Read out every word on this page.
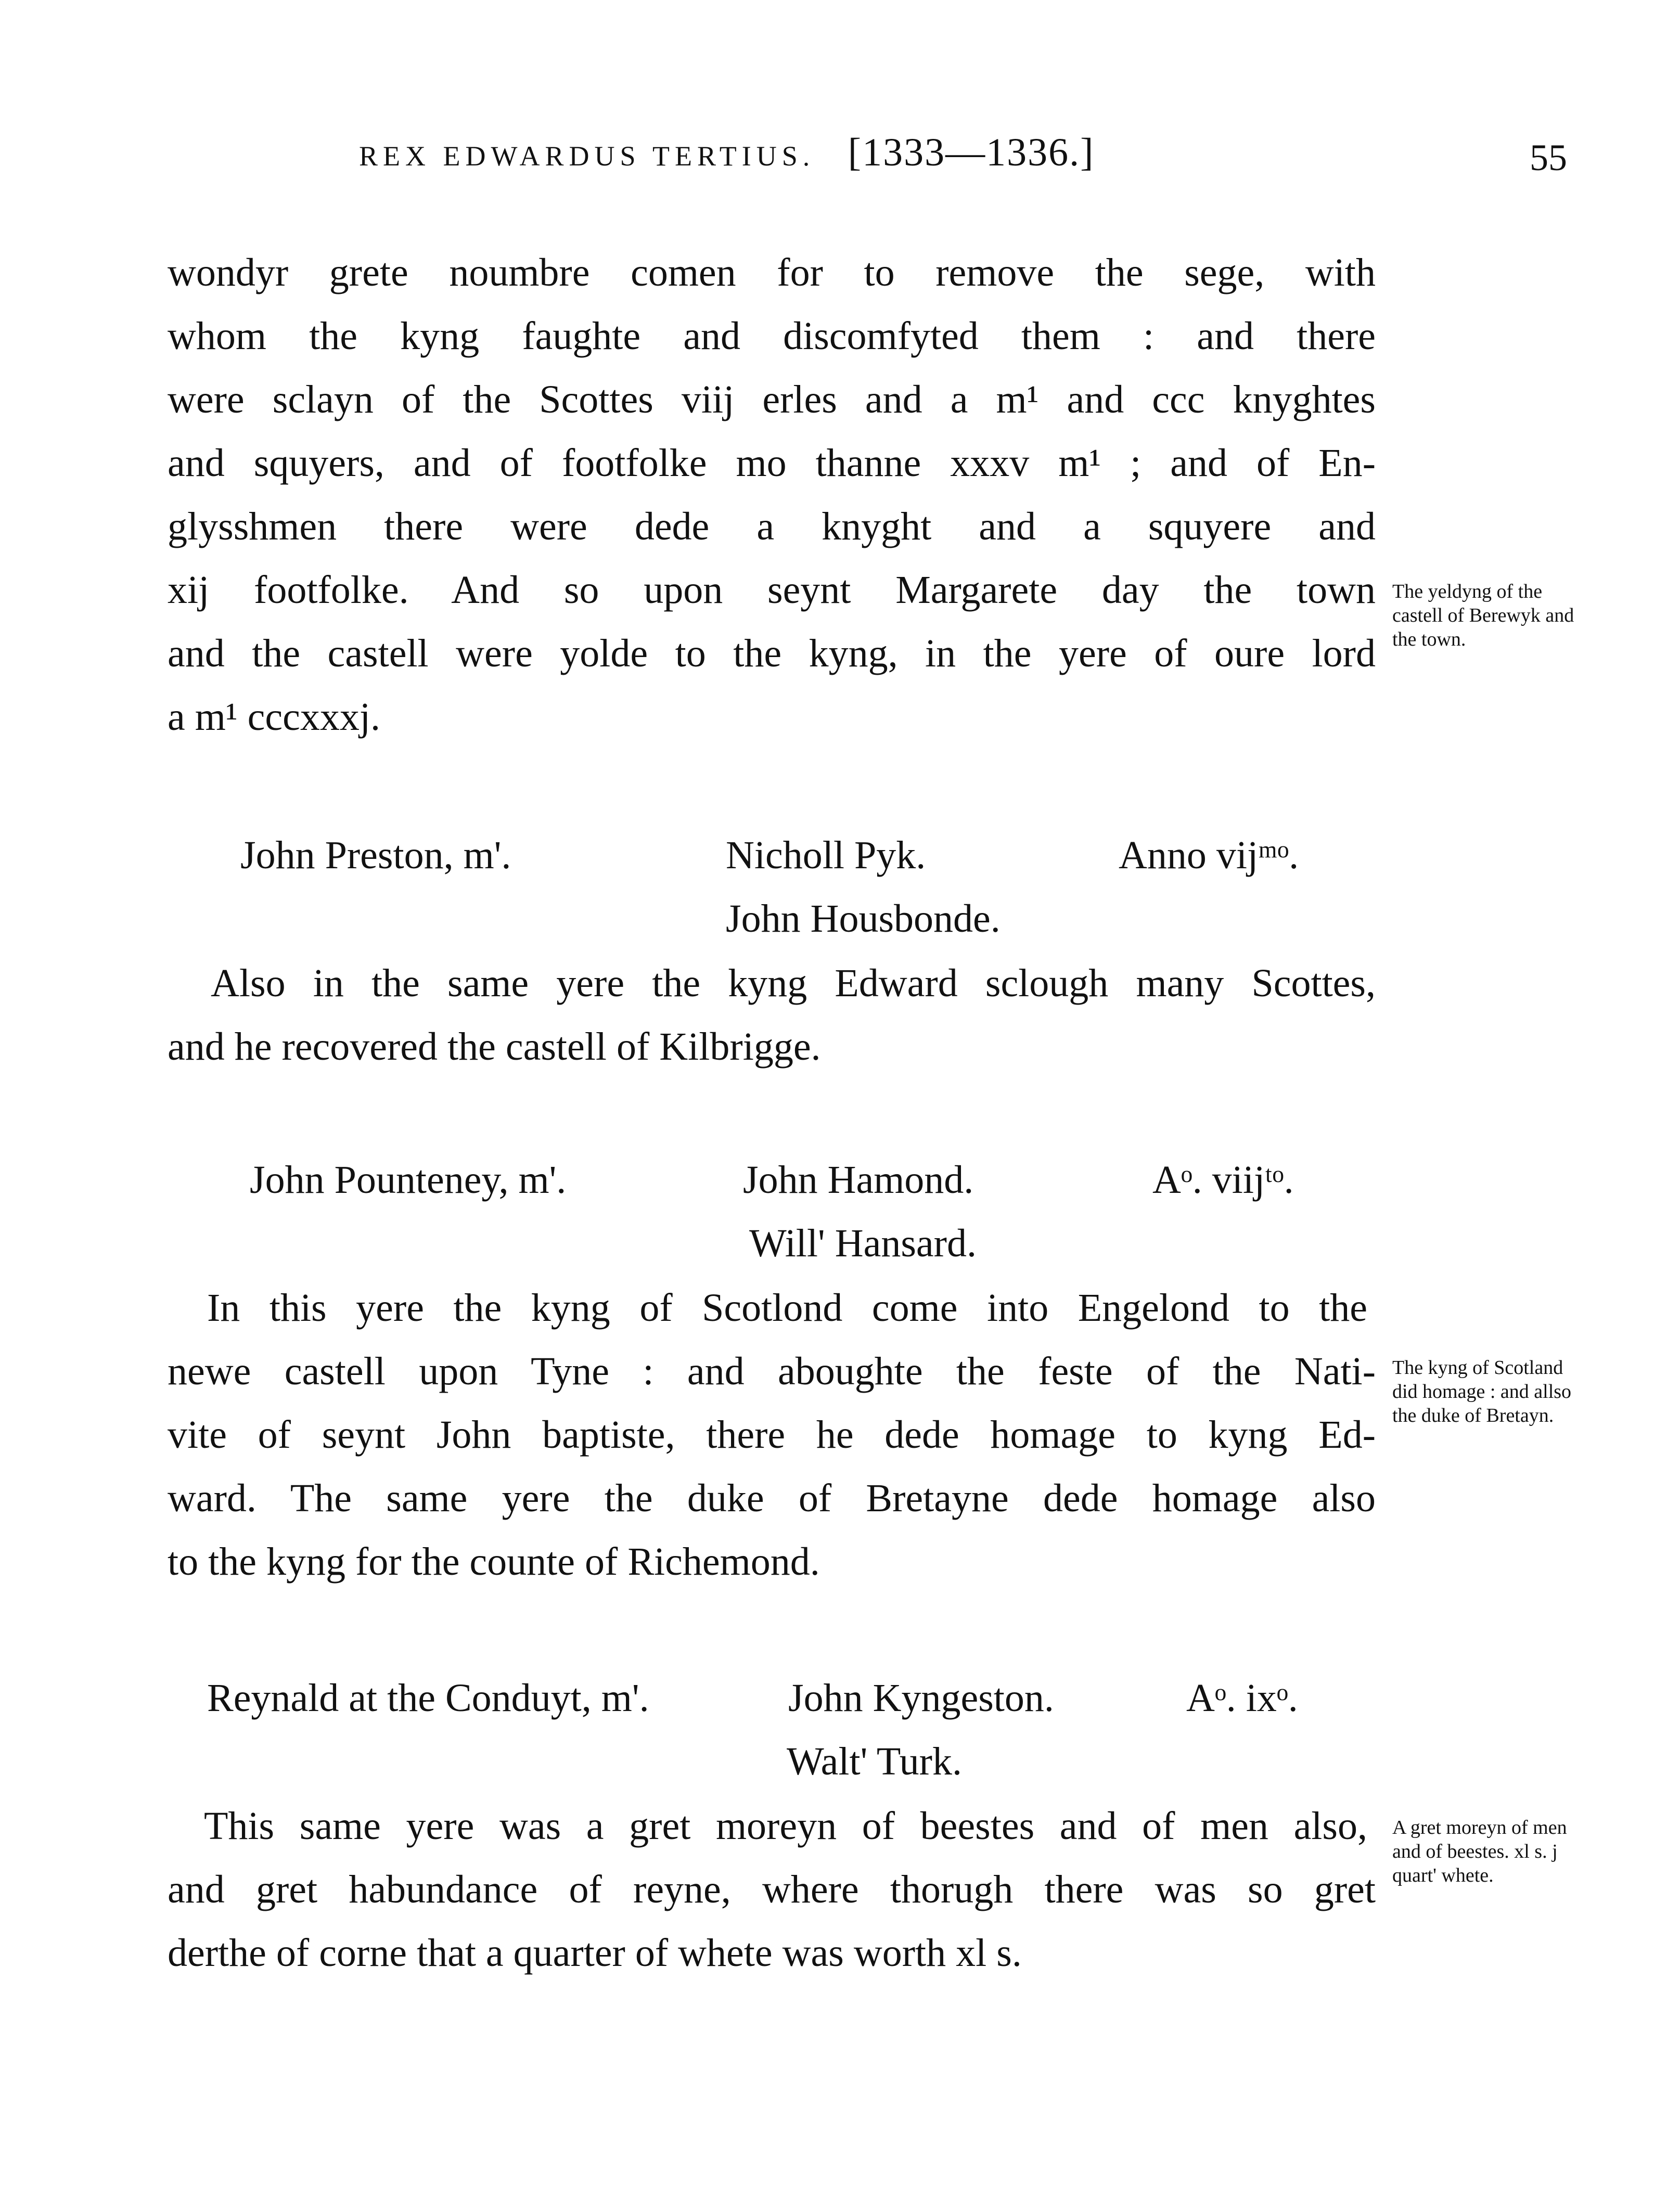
REX EDWARDUS TERTIUS. [1333—1336.]	55
wondyr grete noumbre comen for to remove the sege, with
whom the kyng faughte and discomfyted them : and there
were sclayn of the Scottes viij erles and a m¹ and ccc knyghtes
and squyers, and of footfolke mo thanne xxxv m¹ ; and of En-
glysshmen there were dede a knyght and a squyere and
xij footfolke. And so upon seynt Margarete day the town
and the castell were yolde to the kyng, in the yere of oure lord
a m¹ cccxxxj.
The yeldyng of the castell of Berewyk and the town.
John Preston, m'.	Nicholl Pyk.	Anno vijᵐᵒ.
John Housbonde.
Also in the same yere the kyng Edward sclough many Scottes,
and he recovered the castell of Kilbrigge.
John Pounteney, m'.	John Hamond.	Aᵒ. viijᵗᵒ.
Will' Hansard.
In this yere the kyng of Scotlond come into Engelond to the
newe castell upon Tyne : and aboughte the feste of the Nati-
vite of seynt John baptiste, there he dede homage to kyng Ed-
ward. The same yere the duke of Bretayne dede homage also
to the kyng for the counte of Richemond.
The kyng of Scotland did homage : and allso the duke of Bretayn.
Reynald at the Conduyt, m'.	John Kyngeston.	Aᵒ. ixᵒ.
Walt' Turk.
This same yere was a gret moreyn of beestes and of men also,
and gret habundance of reyne, where thorugh there was so gret
derthe of corne that a quarter of whete was worth xl s.
A gret moreyn of men and of beestes. xl s. j quart' whete.
